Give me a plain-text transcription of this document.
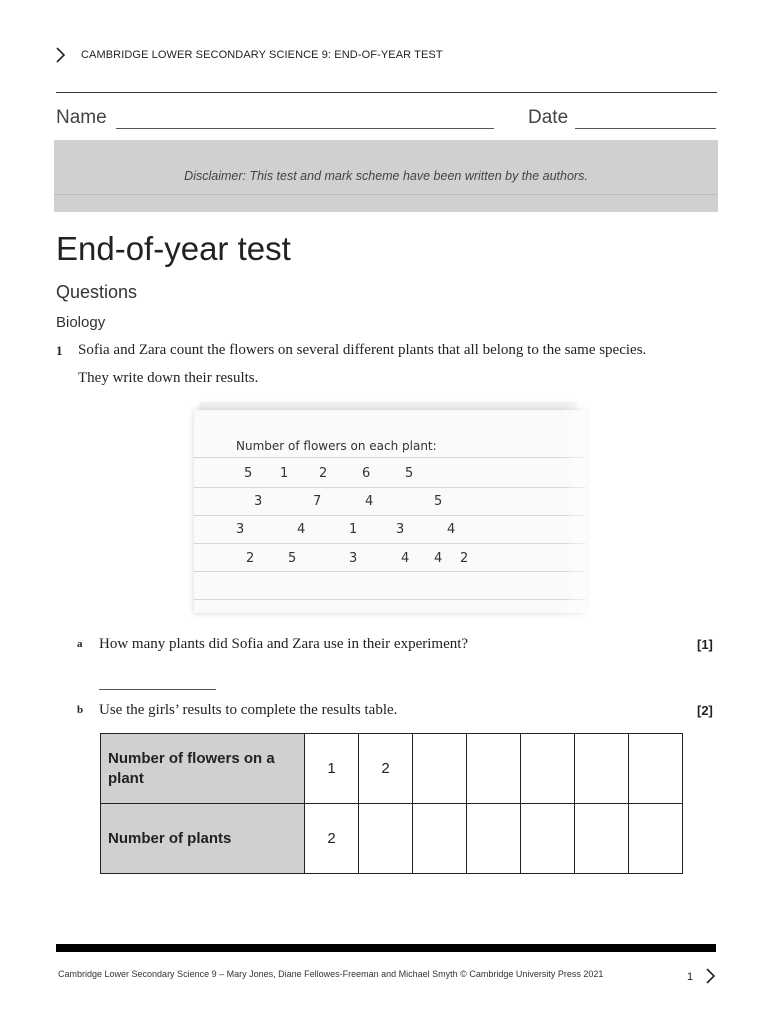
CAMBRIDGE LOWER SECONDARY SCIENCE 9: END-OF-YEAR TEST
Name	Date
Disclaimer: This test and mark scheme have been written by the authors.
End-of-year test
Questions
Biology
1 Sofia and Zara count the flowers on several different plants that all belong to the same species.
They write down their results.
Number of flowers on each plant:
5 1 2	6	5
3	7	4	5
3	4	1	3	4
2	5	3	4 4 2
a How many plants did Sofia and Zara use in their experiment?	[1]
b Use the girls’ results to complete the results table.	[2]
Number of flowers on a plant	1	2					
Number of plants	2						
Cambridge Lower Secondary Science 9 – Mary Jones, Diane Fellowes-Freeman and Michael Smyth © Cambridge University Press 2021	1
